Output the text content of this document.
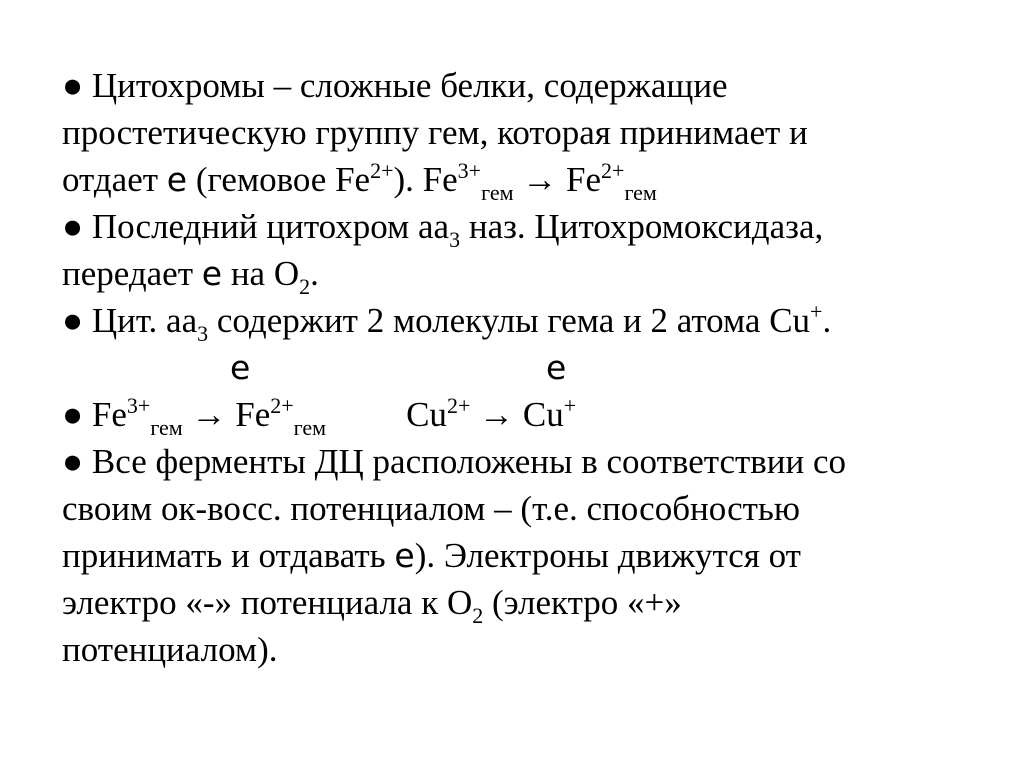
● Цитохромы – сложные белки, содержащие
простетическую группу гем, которая принимает и
отдает е (гемовое $Fe^{2+}$). $Fe^{3+}_{гем} \to Fe^{2+}_{гем}$
● Последний цитохром $аа_3$ наз. Цитохромоксидаза,
передает е на $О_2$.
● Цит. $аа_3$ содержит 2 молекулы гема и 2 атома Cu+.
е	е
● $Fe^{3+}_{гем} \to Fe^{2+}_{гем}$ $Cu^{2+} \to Cu^+$
● Все ферменты ДЦ расположены в соответствии со
своим ок-восс. потенциалом – (т.е. способностью
принимать и отдавать е). Электроны движутся от
электро «-» потенциала к $О_2$ (электро «+»
потенциалом).
